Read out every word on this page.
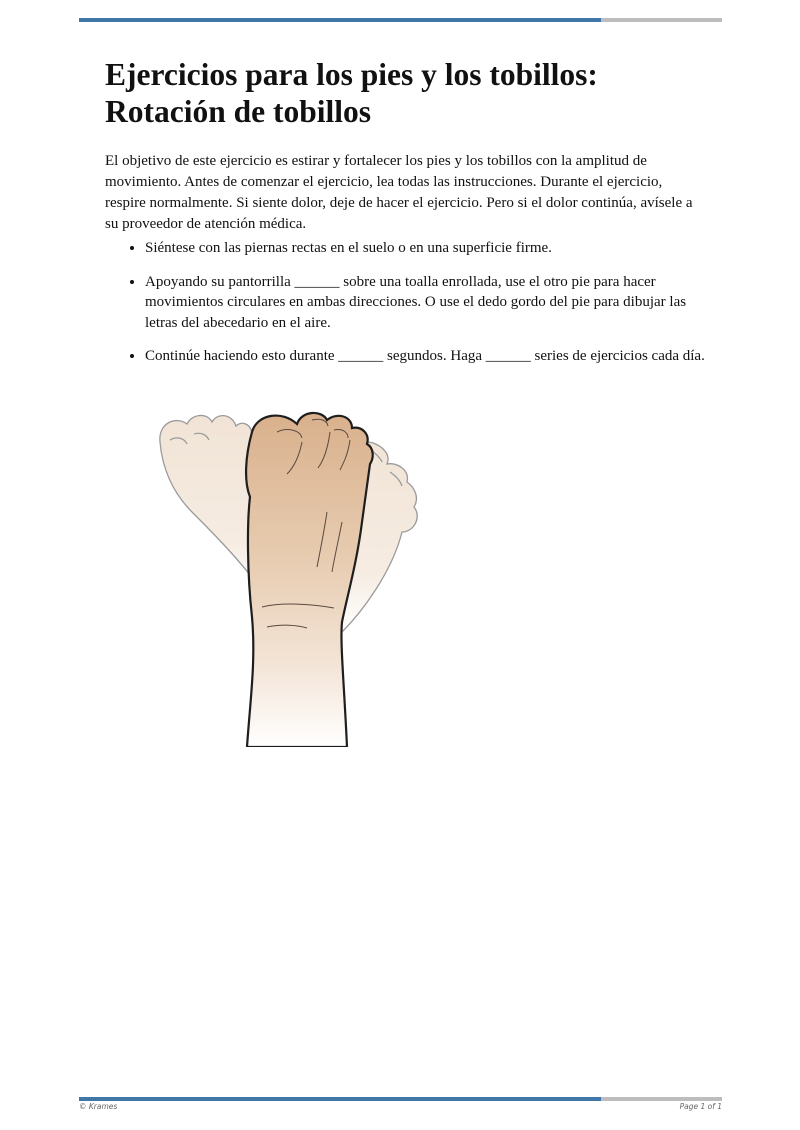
Ejercicios para los pies y los tobillos: Rotación de tobillos

El objetivo de este ejercicio es estirar y fortalecer los pies y los tobillos con la amplitud de movimiento. Antes de comenzar el ejercicio, lea todas las instrucciones. Durante el ejercicio, respire normalmente. Si siente dolor, deje de hacer el ejercicio. Pero si el dolor continúa, avísele a su proveedor de atención médica.

• Siéntese con las piernas rectas en el suelo o en una superficie firme.
• Apoyando su pantorrilla ______ sobre una toalla enrollada, use el otro pie para hacer movimientos circulares en ambas direcciones. O use el dedo gordo del pie para dibujar las letras del abecedario en el aire.
• Continúe haciendo esto durante ______ segundos. Haga ______ series de ejercicios cada día.
© Krames	Page 1 of 1
